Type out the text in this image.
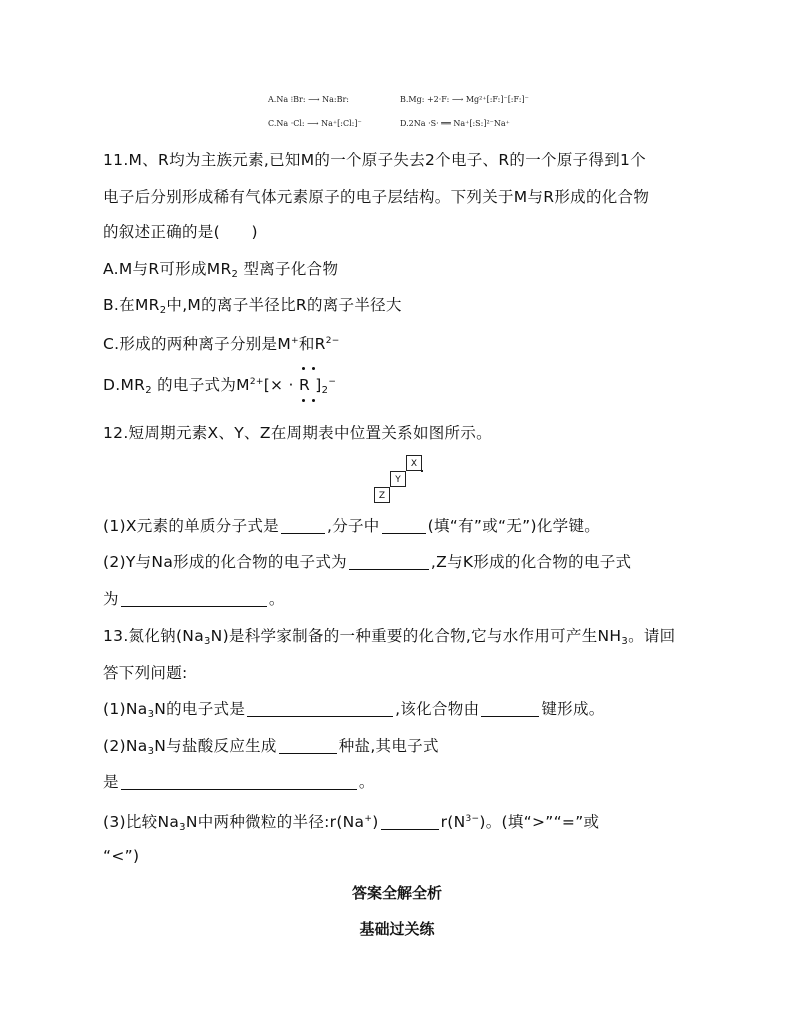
A.Na ⁝Br: ⟶ Na:Br:	B.Mg: +2·F: ⟶ Mg²⁺[:F:]⁻[:F:]⁻
C.Na ·Cl: ⟶ Na⁺[:Cl:]⁻	D.2Na ·S· ══ Na⁺[:S:]²⁻Na⁺
11.M、R均为主族元素,已知M的一个原子失去2个电子、R的一个原子得到1个
电子后分别形成稀有气体元素原子的电子层结构。下列关于M与R形成的化合物
的叙述正确的是(　　)
A.M与R可形成$MR_2$ 型离子化合物
B.在$MR_2$中,M的离子半径比R的离子半径大
C.形成的两种离子分别是M+和$R^{2-}$
$D.MR_2$ 的电子式为$M^{2+}[\times \cdot R$ ]$_2^-$
12.短周期元素X、Y、Z在周期表中位置关系如图所示。
X
Y
Z
(1)X元素的单质分子式是	,分子中	(填“有”或“无”)化学键。
(2)Y与Na形成的化合物的电子式为	,Z与K形成的化合物的电子式
为	。
13.氮化钠$(Na_3N)$是科学家制备的一种重要的化合物,它与水作用可产生$NH_3$。请回
答下列问题:
$(1)Na_3N$的电子式是	,该化合物由	键形成。
$(2)Na_3N$与盐酸反应生成	种盐,其电子式
是	。
(3)比较$Na_3N$中两种微粒的半径:r(Na+)	$r(N^{3-})$。(填“>”“=”或
“<”)
答案全解全析
基础过关练
